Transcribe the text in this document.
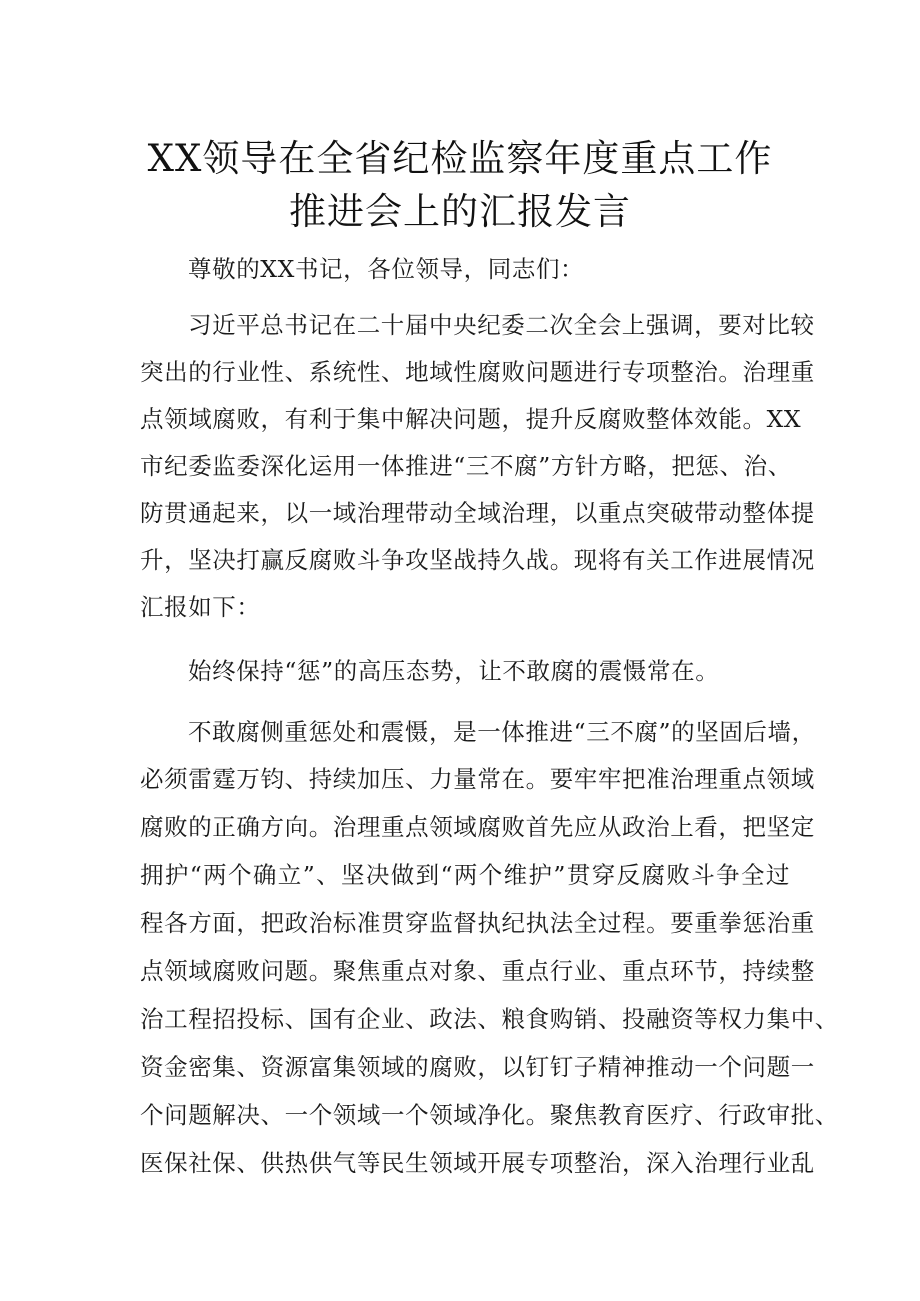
XX领导在全省纪检监察年度重点工作
推进会上的汇报发言
尊敬的XX书记，各位领导，同志们：
习近平总书记在二十届中央纪委二次全会上强调，要对比较
突出的行业性、系统性、地域性腐败问题进行专项整治。治理重
点领域腐败，有利于集中解决问题，提升反腐败整体效能。XX
市纪委监委深化运用一体推进“三不腐”方针方略，把惩、治、
防贯通起来，以一域治理带动全域治理，以重点突破带动整体提
升，坚决打赢反腐败斗争攻坚战持久战。现将有关工作进展情况
汇报如下：
始终保持“惩”的高压态势，让不敢腐的震慑常在。
不敢腐侧重惩处和震慑，是一体推进“三不腐”的坚固后墙，
必须雷霆万钧、持续加压、力量常在。要牢牢把准治理重点领域
腐败的正确方向。治理重点领域腐败首先应从政治上看，把坚定
拥护“两个确立”、坚决做到“两个维护”贯穿反腐败斗争全过
程各方面，把政治标准贯穿监督执纪执法全过程。要重拳惩治重
点领域腐败问题。聚焦重点对象、重点行业、重点环节，持续整
治工程招投标、国有企业、政法、粮食购销、投融资等权力集中、
资金密集、资源富集领域的腐败，以钉钉子精神推动一个问题一
个问题解决、一个领域一个领域净化。聚焦教育医疗、行政审批、
医保社保、供热供气等民生领域开展专项整治，深入治理行业乱
